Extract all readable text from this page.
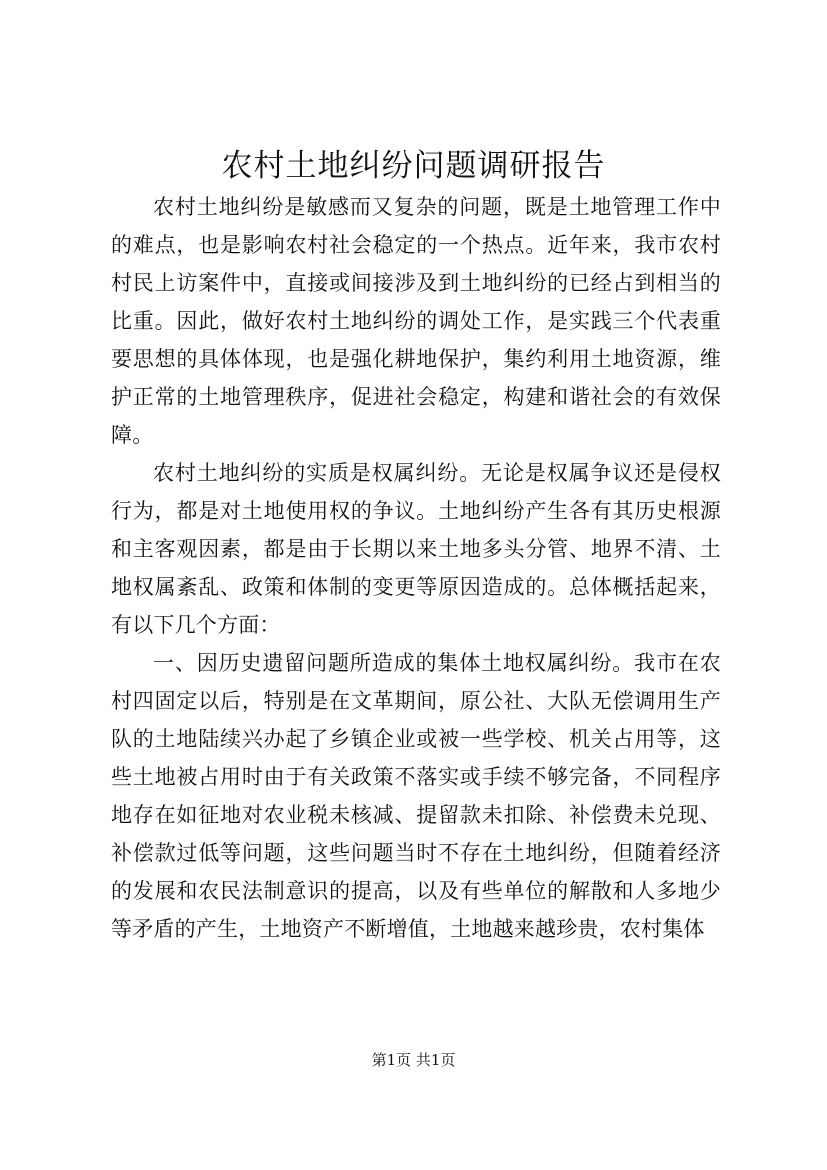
农村土地纠纷问题调研报告

农村土地纠纷是敏感而又复杂的问题，既是土地管理工作中的难点，也是影响农村社会稳定的一个热点。近年来，我市农村村民上访案件中，直接或间接涉及到土地纠纷的已经占到相当的比重。因此，做好农村土地纠纷的调处工作，是实践三个代表重要思想的具体体现，也是强化耕地保护，集约利用土地资源，维护正常的土地管理秩序，促进社会稳定，构建和谐社会的有效保障。

农村土地纠纷的实质是权属纠纷。无论是权属争议还是侵权行为，都是对土地使用权的争议。土地纠纷产生各有其历史根源和主客观因素，都是由于长期以来土地多头分管、地界不清、土地权属紊乱、政策和体制的变更等原因造成的。总体概括起来，有以下几个方面：

一、因历史遗留问题所造成的集体土地权属纠纷。我市在农村四固定以后，特别是在文革期间，原公社、大队无偿调用生产队的土地陆续兴办起了乡镇企业或被一些学校、机关占用等，这些土地被占用时由于有关政策不落实或手续不够完备，不同程序地存在如征地对农业税未核减、提留款未扣除、补偿费未兑现、补偿款过低等问题，这些问题当时不存在土地纠纷，但随着经济的发展和农民法制意识的提高，以及有些单位的解散和人多地少等矛盾的产生，土地资产不断增值，土地越来越珍贵，农村集体

第1页 共1页
